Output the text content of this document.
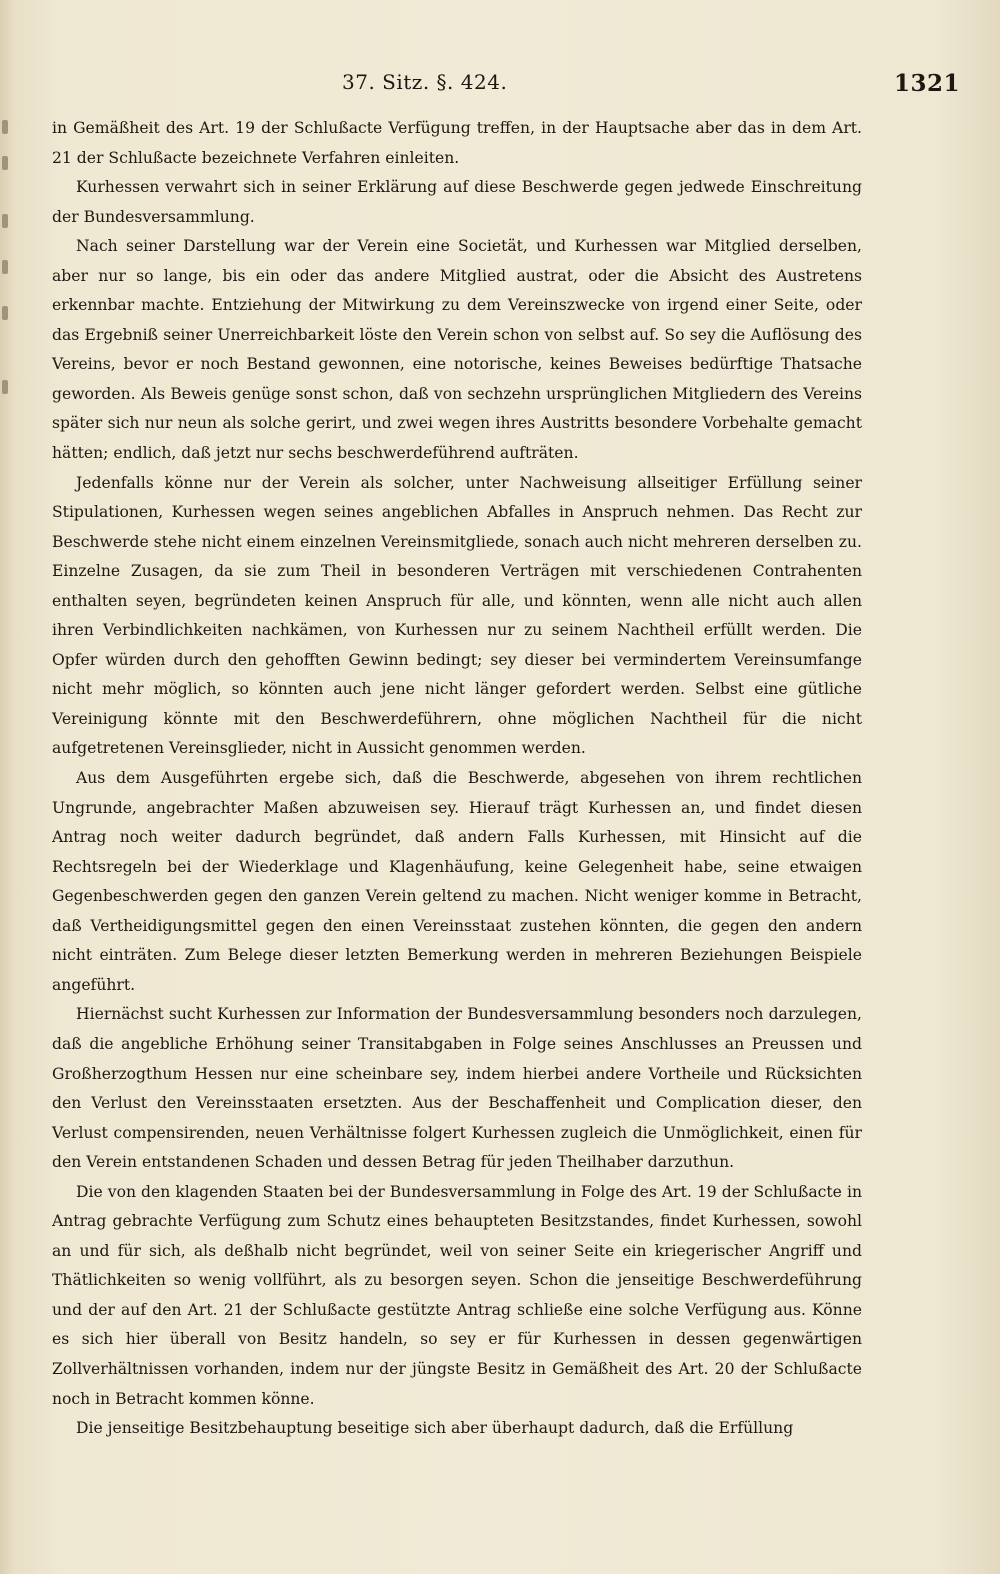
37. Sitz. §. 424.	1321

in Gemäßheit des Art. 19 der Schlußacte Verfügung treffen, in der Hauptsache aber das in dem Art. 21 der Schlußacte bezeichnete Verfahren einleiten.

Kurhessen verwahrt sich in seiner Erklärung auf diese Beschwerde gegen jedwede Einschreitung der Bundesversammlung.

Nach seiner Darstellung war der Verein eine Societät, und Kurhessen war Mitglied derselben, aber nur so lange, bis ein oder das andere Mitglied austrat, oder die Absicht des Austretens erkennbar machte. Entziehung der Mitwirkung zu dem Vereinszwecke von irgend einer Seite, oder das Ergebniß seiner Unerreichbarkeit löste den Verein schon von selbst auf. So sey die Auflösung des Vereins, bevor er noch Bestand gewonnen, eine notorische, keines Beweises bedürftige Thatsache geworden. Als Beweis genüge sonst schon, daß von sechzehn ursprünglichen Mitgliedern des Vereins später sich nur neun als solche gerirt, und zwei wegen ihres Austritts besondere Vorbehalte gemacht hätten; endlich, daß jetzt nur sechs beschwerdeführend aufträten.

Jedenfalls könne nur der Verein als solcher, unter Nachweisung allseitiger Erfüllung seiner Stipulationen, Kurhessen wegen seines angeblichen Abfalles in Anspruch nehmen. Das Recht zur Beschwerde stehe nicht einem einzelnen Vereinsmitgliede, sonach auch nicht mehreren derselben zu. Einzelne Zusagen, da sie zum Theil in besonderen Verträgen mit verschiedenen Contrahenten enthalten seyen, begründeten keinen Anspruch für alle, und könnten, wenn alle nicht auch allen ihren Verbindlichkeiten nachkämen, von Kurhessen nur zu seinem Nachtheil erfüllt werden. Die Opfer würden durch den gehofften Gewinn bedingt; sey dieser bei vermindertem Vereinsumfange nicht mehr möglich, so könnten auch jene nicht länger gefordert werden. Selbst eine gütliche Vereinigung könnte mit den Beschwerdeführern, ohne möglichen Nachtheil für die nicht aufgetretenen Vereinsglieder, nicht in Aussicht genommen werden.

Aus dem Ausgeführten ergebe sich, daß die Beschwerde, abgesehen von ihrem rechtlichen Ungrunde, angebrachter Maßen abzuweisen sey. Hierauf trägt Kurhessen an, und findet diesen Antrag noch weiter dadurch begründet, daß andern Falls Kurhessen, mit Hinsicht auf die Rechtsregeln bei der Wiederklage und Klagenhäufung, keine Gelegenheit habe, seine etwaigen Gegenbeschwerden gegen den ganzen Verein geltend zu machen. Nicht weniger komme in Betracht, daß Vertheidigungsmittel gegen den einen Vereinsstaat zustehen könnten, die gegen den andern nicht einträten. Zum Belege dieser letzten Bemerkung werden in mehreren Beziehungen Beispiele angeführt.

Hiernächst sucht Kurhessen zur Information der Bundesversammlung besonders noch darzulegen, daß die angebliche Erhöhung seiner Transitabgaben in Folge seines Anschlusses an Preussen und Großherzogthum Hessen nur eine scheinbare sey, indem hierbei andere Vortheile und Rücksichten den Verlust den Vereinsstaaten ersetzten. Aus der Beschaffenheit und Complication dieser, den Verlust compensirenden, neuen Verhältnisse folgert Kurhessen zugleich die Unmöglichkeit, einen für den Verein entstandenen Schaden und dessen Betrag für jeden Theilhaber darzuthun.

Die von den klagenden Staaten bei der Bundesversammlung in Folge des Art. 19 der Schlußacte in Antrag gebrachte Verfügung zum Schutz eines behaupteten Besitzstandes, findet Kurhessen, sowohl an und für sich, als deßhalb nicht begründet, weil von seiner Seite ein kriegerischer Angriff und Thätlichkeiten so wenig vollführt, als zu besorgen seyen. Schon die jenseitige Beschwerdeführung und der auf den Art. 21 der Schlußacte gestützte Antrag schließe eine solche Verfügung aus. Könne es sich hier überall von Besitz handeln, so sey er für Kurhessen in dessen gegenwärtigen Zollverhältnissen vorhanden, indem nur der jüngste Besitz in Gemäßheit des Art. 20 der Schlußacte noch in Betracht kommen könne.

Die jenseitige Besitzbehauptung beseitige sich aber überhaupt dadurch, daß die Erfüllung
